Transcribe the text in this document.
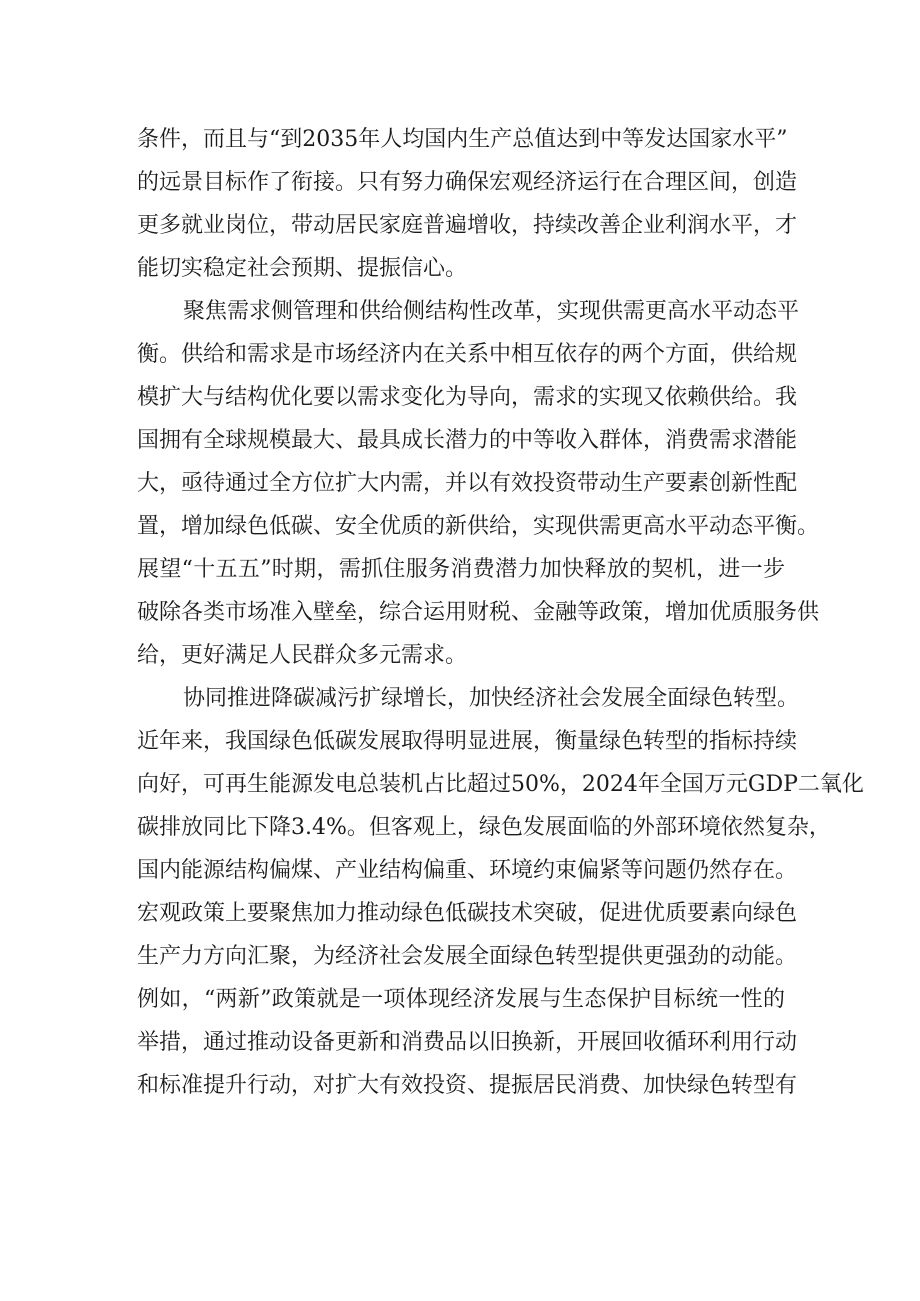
条件，而且与“到2035年人均国内生产总值达到中等发达国家水平”
的远景目标作了衔接。只有努力确保宏观经济运行在合理区间，创造
更多就业岗位，带动居民家庭普遍增收，持续改善企业利润水平，才
能切实稳定社会预期、提振信心。
聚焦需求侧管理和供给侧结构性改革，实现供需更高水平动态平
衡。供给和需求是市场经济内在关系中相互依存的两个方面，供给规
模扩大与结构优化要以需求变化为导向，需求的实现又依赖供给。我
国拥有全球规模最大、最具成长潜力的中等收入群体，消费需求潜能
大，亟待通过全方位扩大内需，并以有效投资带动生产要素创新性配
置，增加绿色低碳、安全优质的新供给，实现供需更高水平动态平衡。
展望“十五五”时期，需抓住服务消费潜力加快释放的契机，进一步
破除各类市场准入壁垒，综合运用财税、金融等政策，增加优质服务供
给，更好满足人民群众多元需求。
协同推进降碳减污扩绿增长，加快经济社会发展全面绿色转型。
近年来，我国绿色低碳发展取得明显进展，衡量绿色转型的指标持续
向好，可再生能源发电总装机占比超过50%，2024年全国万元GDP二氧化
碳排放同比下降3.4%。但客观上，绿色发展面临的外部环境依然复杂，
国内能源结构偏煤、产业结构偏重、环境约束偏紧等问题仍然存在。
宏观政策上要聚焦加力推动绿色低碳技术突破，促进优质要素向绿色
生产力方向汇聚，为经济社会发展全面绿色转型提供更强劲的动能。
例如，“两新”政策就是一项体现经济发展与生态保护目标统一性的
举措，通过推动设备更新和消费品以旧换新，开展回收循环利用行动
和标准提升行动，对扩大有效投资、提振居民消费、加快绿色转型有
